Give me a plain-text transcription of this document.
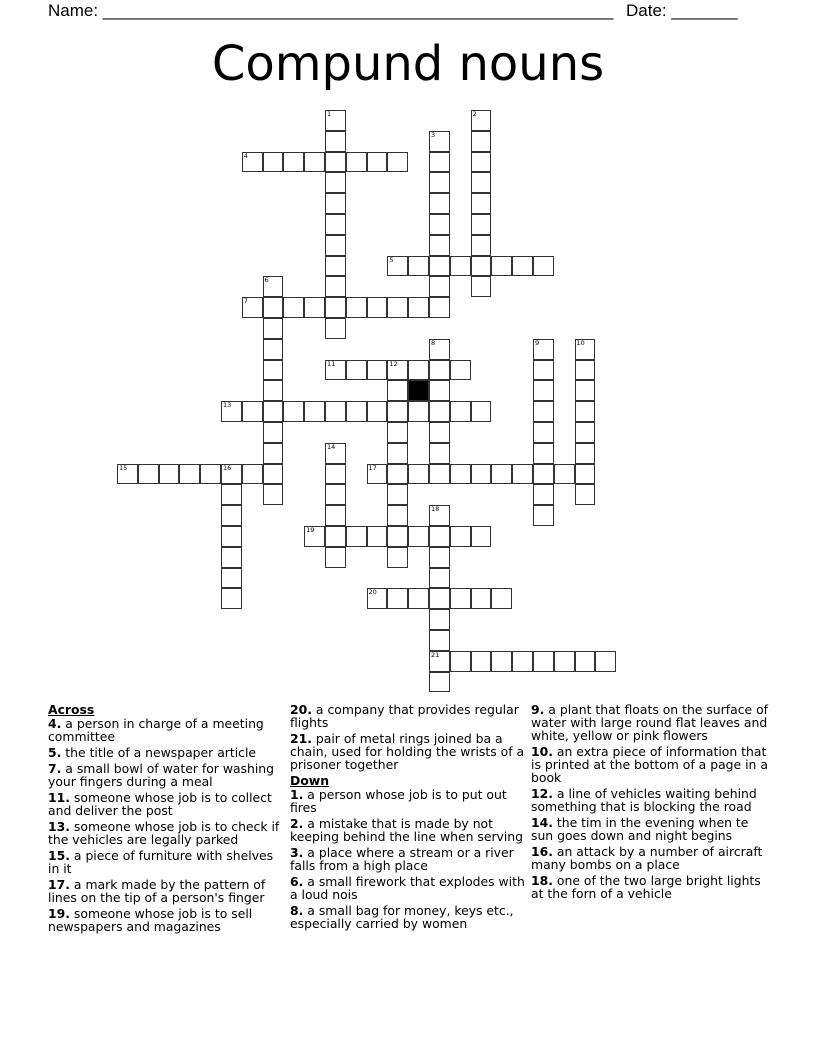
Name: ______________________________________________________ Date: _______
Compund nouns
1	2
3
4
5
6
7
8	9	10
11	12
13
14
15	16	17
18
21
19
20
Across
4. a person in charge of a meeting committee
5. the title of a newspaper article
7. a small bowl of water for washing your fingers during a meal
11. someone whose job is to collect and deliver the post
13. someone whose job is to check if the vehicles are legally parked
15. a piece of furniture with shelves in it
17. a mark made by the pattern of lines on the tip of a person's finger
19. someone whose job is to sell newspapers and magazines
20. a company that provides regular flights
21. pair of metal rings joined ba a chain, used for holding the wrists of a prisoner together
Down
1. a person whose job is to put out fires
2. a mistake that is made by not keeping behind the line when serving
3. a place where a stream or a river falls from a high place
6. a small firework that explodes with a loud nois
8. a small bag for money, keys etc., especially carried by women
9. a plant that floats on the surface of water with large round flat leaves and white, yellow or pink flowers
10. an extra piece of information that is printed at the bottom of a page in a book
12. a line of vehicles waiting behind something that is blocking the road
14. the tim in the evening when te sun goes down and night begins
16. an attack by a number of aircraft many bombs on a place
18. one of the two large bright lights at the forn of a vehicle
